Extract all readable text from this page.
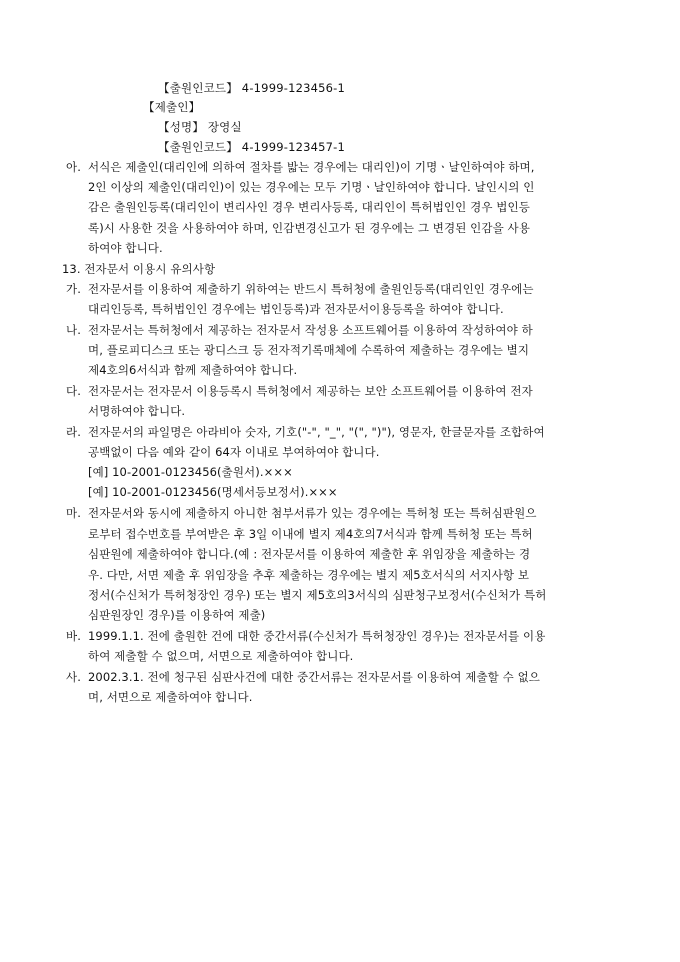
【출원인코드】 4-1999-123456-1
【제출인】
【성명】 장영실
【출원인코드】 4-1999-123457-1
아. 서식은 제출인(대리인에 의하여 절차를 밟는 경우에는 대리인)이 기명ㆍ날인하여야 하며,
2인 이상의 제출인(대리인)이 있는 경우에는 모두 기명ㆍ날인하여야 합니다. 날인시의 인
감은 출원인등록(대리인이 변리사인 경우 변리사등록, 대리인이 특허법인인 경우 법인등
록)시 사용한 것을 사용하여야 하며, 인감변경신고가 된 경우에는 그 변경된 인감을 사용
하여야 합니다.
13. 전자문서 이용시 유의사항
가. 전자문서를 이용하여 제출하기 위하여는 반드시 특허청에 출원인등록(대리인인 경우에는
대리인등록, 특허법인인 경우에는 법인등록)과 전자문서이용등록을 하여야 합니다.
나. 전자문서는 특허청에서 제공하는 전자문서 작성용 소프트웨어를 이용하여 작성하여야 하
며, 플로피디스크 또는 광디스크 등 전자적기록매체에 수록하여 제출하는 경우에는 별지
제4호의6서식과 함께 제출하여야 합니다.
다. 전자문서는 전자문서 이용등록시 특허청에서 제공하는 보안 소프트웨어를 이용하여 전자
서명하여야 합니다.
라. 전자문서의 파일명은 아라비아 숫자, 기호("-", "_", "(", ")"), 영문자, 한글문자를 조합하여
공백없이 다음 예와 같이 64자 이내로 부여하여야 합니다.
[예] 10-2001-0123456(출원서).×××
[예] 10-2001-0123456(명세서등보정서).×××
마. 전자문서와 동시에 제출하지 아니한 첨부서류가 있는 경우에는 특허청 또는 특허심판원으
로부터 접수번호를 부여받은 후 3일 이내에 별지 제4호의7서식과 함께 특허청 또는 특허
심판원에 제출하여야 합니다.(예 : 전자문서를 이용하여 제출한 후 위임장을 제출하는 경
우. 다만, 서면 제출 후 위임장을 추후 제출하는 경우에는 별지 제5호서식의 서지사항 보
정서(수신처가 특허청장인 경우) 또는 별지 제5호의3서식의 심판청구보정서(수신처가 특허
심판원장인 경우)를 이용하여 제출)
바. 1999.1.1. 전에 출원한 건에 대한 중간서류(수신처가 특허청장인 경우)는 전자문서를 이용
하여 제출할 수 없으며, 서면으로 제출하여야 합니다.
사. 2002.3.1. 전에 청구된 심판사건에 대한 중간서류는 전자문서를 이용하여 제출할 수 없으
며, 서면으로 제출하여야 합니다.
